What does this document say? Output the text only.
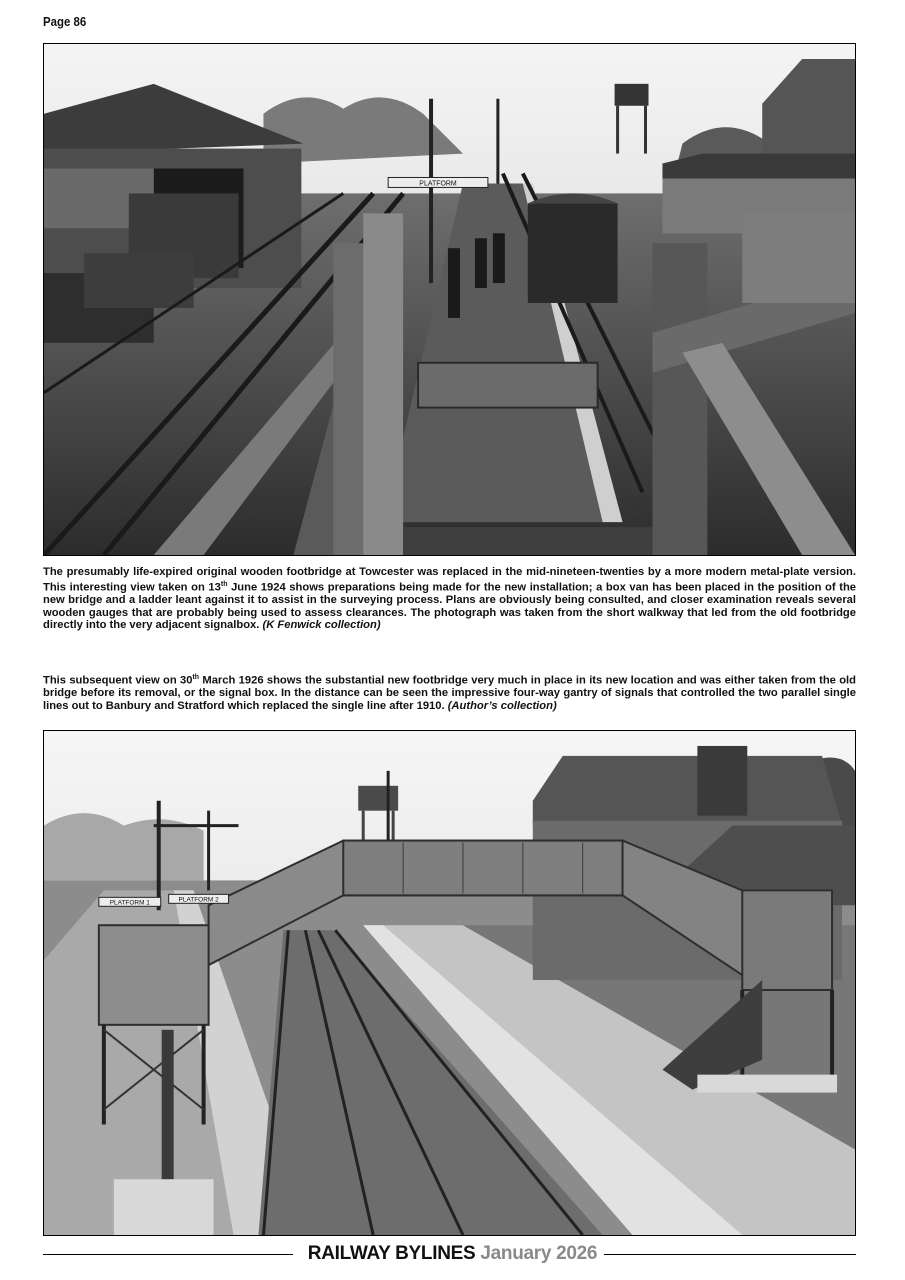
Page 86
PLATFORM
The presumably life-expired original wooden footbridge at Towcester was replaced in the mid-nineteen-twenties by a more modern metal-plate version. This interesting view taken on 13th June 1924 shows preparations being made for the new installation; a box van has been placed in the position of the new bridge and a ladder leant against it to assist in the surveying process. Plans are obviously being consulted, and closer examination reveals several wooden gauges that are probably being used to assess clearances. The photograph was taken from the short walkway that led from the old footbridge directly into the very adjacent signalbox. (K Fenwick collection)
This subsequent view on 30th March 1926 shows the substantial new footbridge very much in place in its new location and was either taken from the old bridge before its removal, or the signal box. In the distance can be seen the impressive four-way gantry of signals that controlled the two parallel single lines out to Banbury and Stratford which replaced the single line after 1910. (Author’s collection)
PLATFORM 1	PLATFORM 2
RAILWAY BYLINES January 2026
